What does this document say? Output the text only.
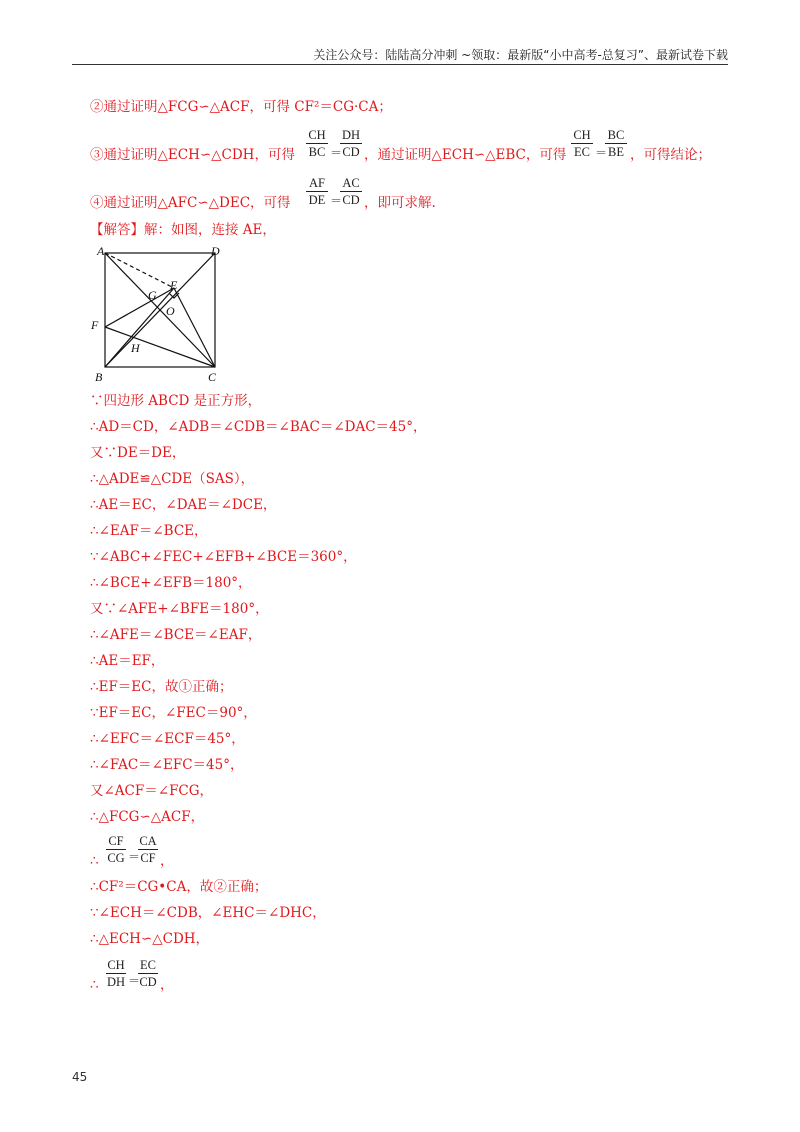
关注公众号：陆陆高分冲刺 ~领取：最新版“小中高考-总复习”、最新试卷下载
②通过证明△FCG∽△ACF，可得 CF²＝CG·CA；
③通过证明△ECH∽△CDH，可得
CH
BC ＝
DH
CD ，通过证明△ECH∽△EBC，可得
CH
EC ＝
BC
BE ，可得结论；
④通过证明△AFC∽△DEC，可得
AF
DE ＝
AC
CD ，即可求解.
【解答】解：如图，连接 AE，
A	D
B	C
E
G
O
F
H
∵四边形 ABCD 是正方形，
∴AD＝CD，∠ADB＝∠CDB＝∠BAC＝∠DAC＝45°，
又∵DE＝DE，
∴△ADE≌△CDE（SAS），
∴AE＝EC，∠DAE＝∠DCE，
∴∠EAF＝∠BCE，
∵∠ABC+∠FEC+∠EFB+∠BCE＝360°，
∴∠BCE+∠EFB＝180°，
又∵∠AFE+∠BFE＝180°，
∴∠AFE＝∠BCE＝∠EAF，
∴AE＝EF，
∴EF＝EC，故①正确；
∵EF＝EC，∠FEC＝90°，
∴∠EFC＝∠ECF＝45°，
∴∠FAC＝∠EFC＝45°，
又∠ACF＝∠FCG，
∴△FCG∽△ACF，
∴
CF
CG ＝
CA
CF ，
∴CF²＝CG•CA，故②正确；
∵∠ECH＝∠CDB，∠EHC＝∠DHC，
∴△ECH∽△CDH，
∴
CH
DH ＝
EC
CD ，
45
